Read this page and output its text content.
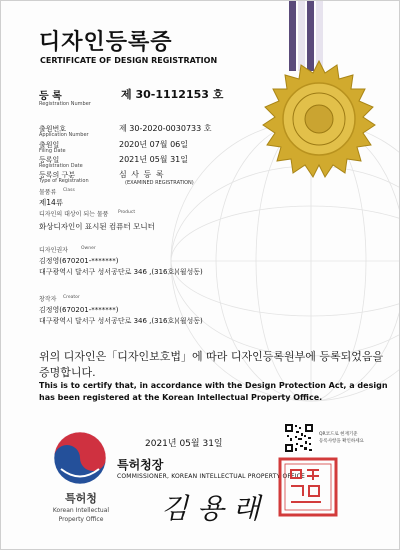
디자인등록증
CERTIFICATE OF DESIGN REGISTRATION
등 록
Registration Number
제 30-1112153 호
출원번호
Application Number
제 30-2020-0030733 호
출원일
Filing Date
2020년 07월 06일
등록일
Registration Date
2021년 05월 31일
등록의 구분
Type of Registration
심 사 등 록
(EXAMINED REGISTRATION)
물품류 Class
제14류
디자인의 대상이 되는 물품 Product
화상디자인이 표시된 컴퓨터 모니터
디자인권자	Owner
김정영(670201-*******)
대구광역시 달서구 성서공단로 346 ,(316호)(월성동)
창작자 Creator
김정영(670201-*******)
대구광역시 달서구 성서공단로 346 ,(316호)(월성동)
위의 디자인은「디자인보호법」에 따라 디자인등록원부에 등록되었음을
증명합니다.
This is to certify that, in accordance with the Design Protection Act, a design
has been registered at the Korean Intellectual Property Office.
특허청
Korean Intellectual
Property Office
2021년 05월 31일
특허청장
COMMISSIONER, KOREAN INTELLECTUAL PROPERTY OFFICE
김 용 래
QR코드로 현재기준
등록사항을 확인하세요
